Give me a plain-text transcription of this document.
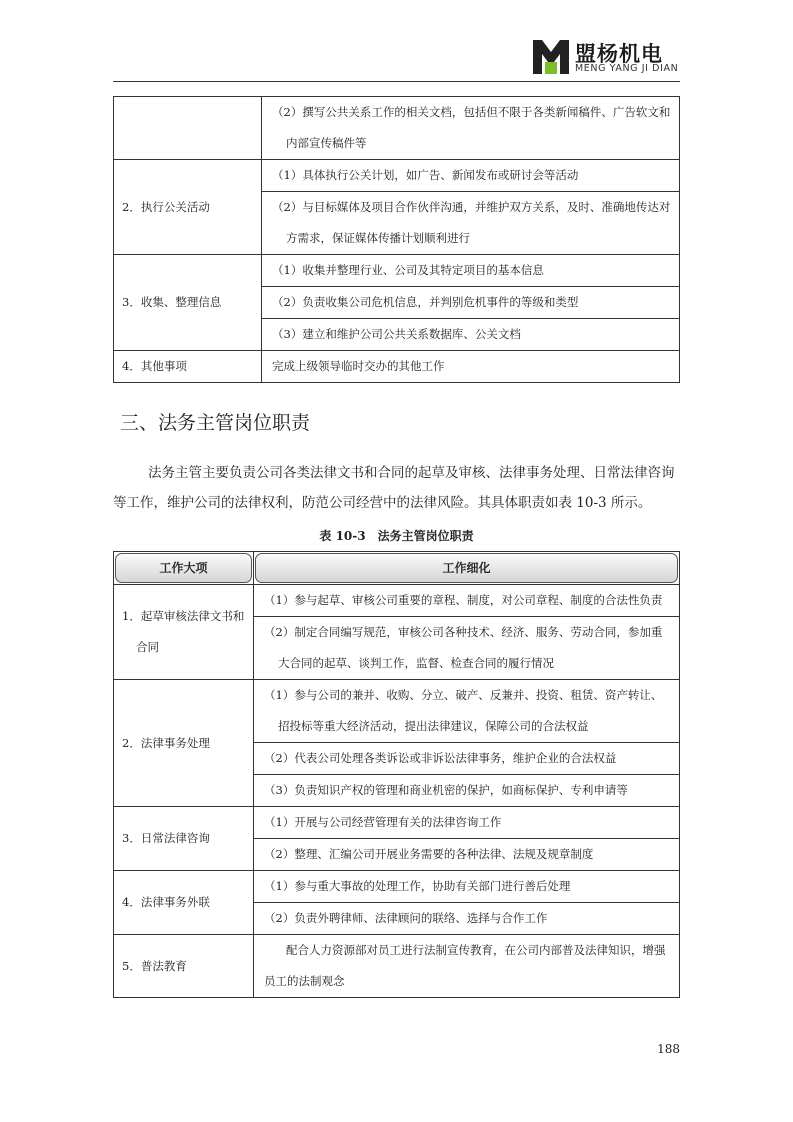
盟杨机电
MENG YANG JI DIAN

	（2）撰写公共关系工作的相关文档，包括但不限于各类新闻稿件、广告软文和
内部宣传稿件等

2．执行公关活动	（1）具体执行公关计划，如广告、新闻发布或研讨会等活动

	（2）与目标媒体及项目合作伙伴沟通，并维护双方关系，及时、准确地传达对
方需求，保证媒体传播计划顺利进行

3．收集、整理信息	（1）收集并整理行业、公司及其特定项目的基本信息

	（2）负责收集公司危机信息，并判别危机事件的等级和类型

	（3）建立和维护公司公共关系数据库、公关文档

4．其他事项	完成上级领导临时交办的其他工作
三、法务主管岗位职责
法务主管主要负责公司各类法律文书和合同的起草及审核、法律事务处理、日常法律咨询等工作，维护公司的法律权利，防范公司经营中的法律风险。其具体职责如表 10-3 所示。
表 10-3　法务主管岗位职责
工作大项	工作细化

1．起草审核法律文书和
合同	（1）参与起草、审核公司重要的章程、制度，对公司章程、制度的合法性负责

	（2）制定合同编写规范，审核公司各种技术、经济、服务、劳动合同，参加重
大合同的起草、谈判工作，监督、检查合同的履行情况

2．法律事务处理	（1）参与公司的兼并、收购、分立、破产、反兼并、投资、租赁、资产转让、
招投标等重大经济活动，提出法律建议，保障公司的合法权益

	（2）代表公司处理各类诉讼或非诉讼法律事务，维护企业的合法权益

	（3）负责知识产权的管理和商业机密的保护，如商标保护、专利申请等

3．日常法律咨询	（1）开展与公司经营管理有关的法律咨询工作

	（2）整理、汇编公司开展业务需要的各种法律、法规及规章制度

4．法律事务外联	（1）参与重大事故的处理工作，协助有关部门进行善后处理

	（2）负责外聘律师、法律顾问的联络、选择与合作工作

5．普法教育	配合人力资源部对员工进行法制宣传教育，在公司内部普及法律知识，增强
员工的法制观念
188
